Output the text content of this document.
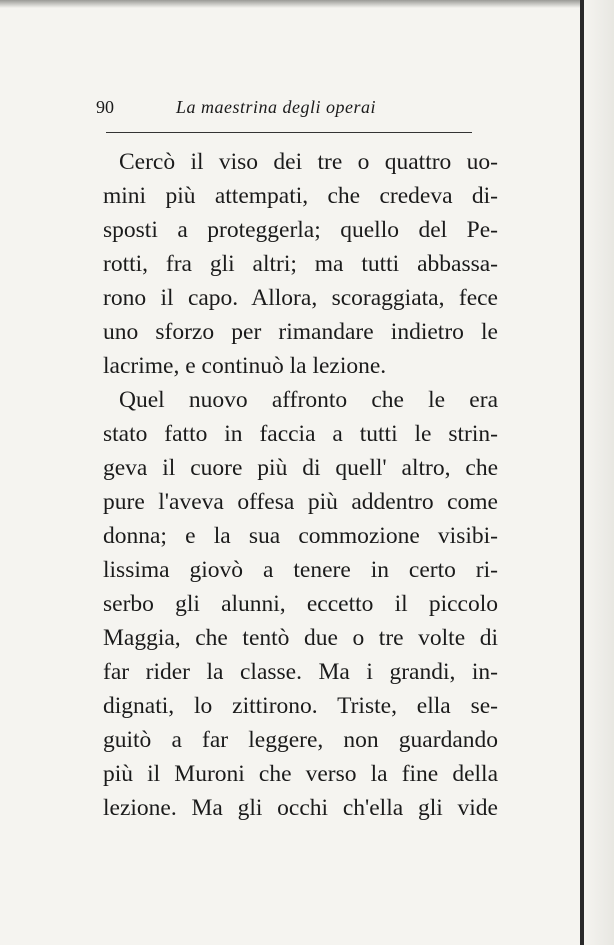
90	La maestrina degli operai
Cercò il viso dei tre o quattro uo-
mini più attempati, che credeva di-
sposti a proteggerla; quello del Pe-
rotti, fra gli altri; ma tutti abbassa-
rono il capo. Allora, scoraggiata, fece
uno sforzo per rimandare indietro le
lacrime, e continuò la lezione.
Quel nuovo affronto che le era
stato fatto in faccia a tutti le strin-
geva il cuore più di quell' altro, che
pure l'aveva offesa più addentro come
donna; e la sua commozione visibi-
lissima giovò a tenere in certo ri-
serbo gli alunni, eccetto il piccolo
Maggia, che tentò due o tre volte di
far rider la classe. Ma i grandi, in-
dignati, lo zittirono. Triste, ella se-
guitò a far leggere, non guardando
più il Muroni che verso la fine della
lezione. Ma gli occhi ch'ella gli vide
